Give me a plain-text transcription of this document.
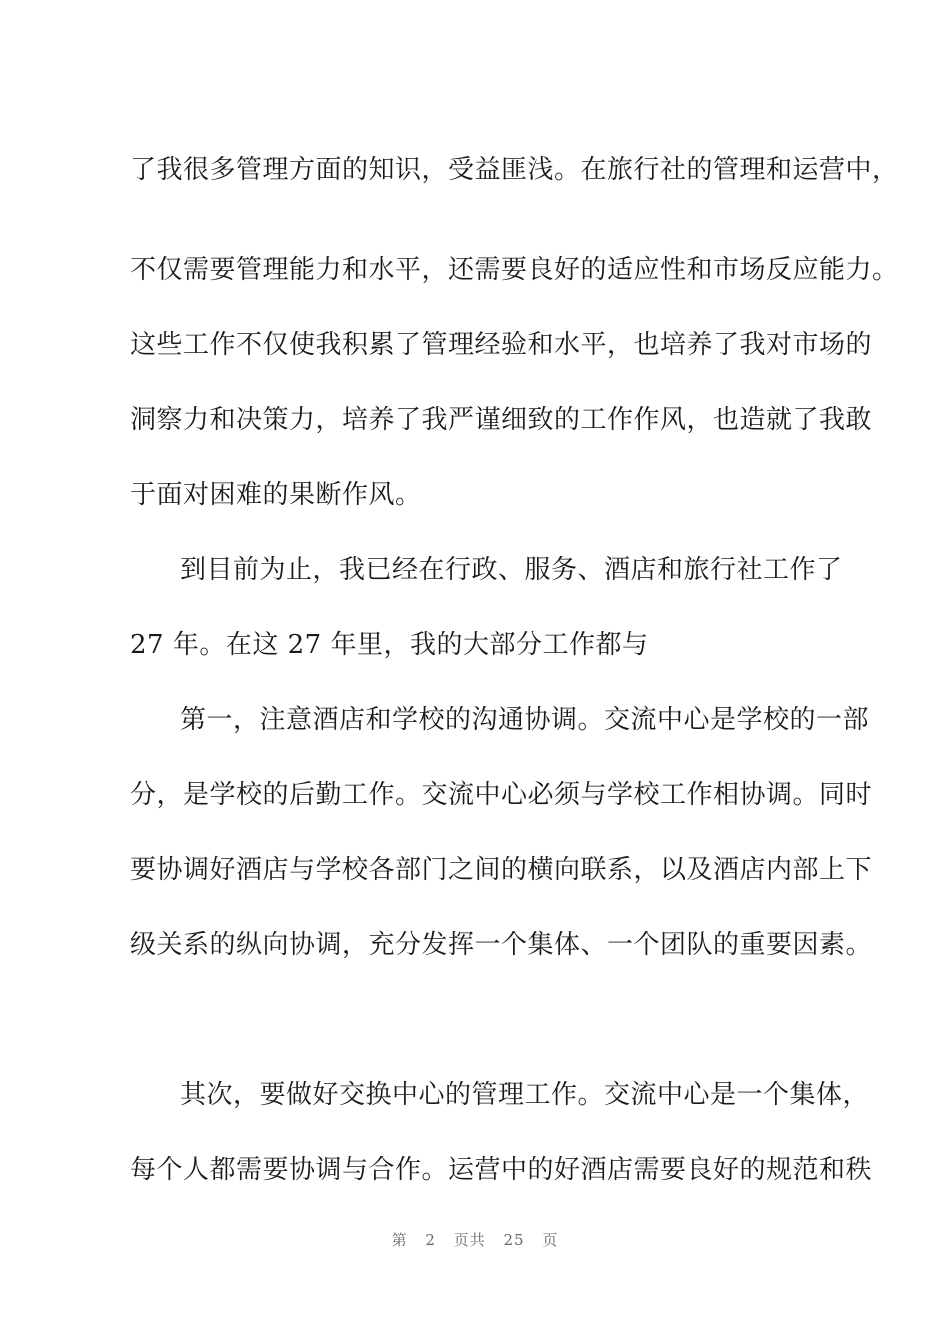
了我很多管理方面的知识，受益匪浅。在旅行社的管理和运营中，
不仅需要管理能力和水平，还需要良好的适应性和市场反应能力。
这些工作不仅使我积累了管理经验和水平，也培养了我对市场的
洞察力和决策力，培养了我严谨细致的工作作风，也造就了我敢
于面对困难的果断作风。
到目前为止，我已经在行政、服务、酒店和旅行社工作了
27 年。在这 27 年里，我的大部分工作都与
第一，注意酒店和学校的沟通协调。交流中心是学校的一部
分，是学校的后勤工作。交流中心必须与学校工作相协调。同时
要协调好酒店与学校各部门之间的横向联系，以及酒店内部上下
级关系的纵向协调，充分发挥一个集体、一个团队的重要因素。
其次，要做好交换中心的管理工作。交流中心是一个集体，
每个人都需要协调与合作。运营中的好酒店需要良好的规范和秩
第 2 页共 25 页
